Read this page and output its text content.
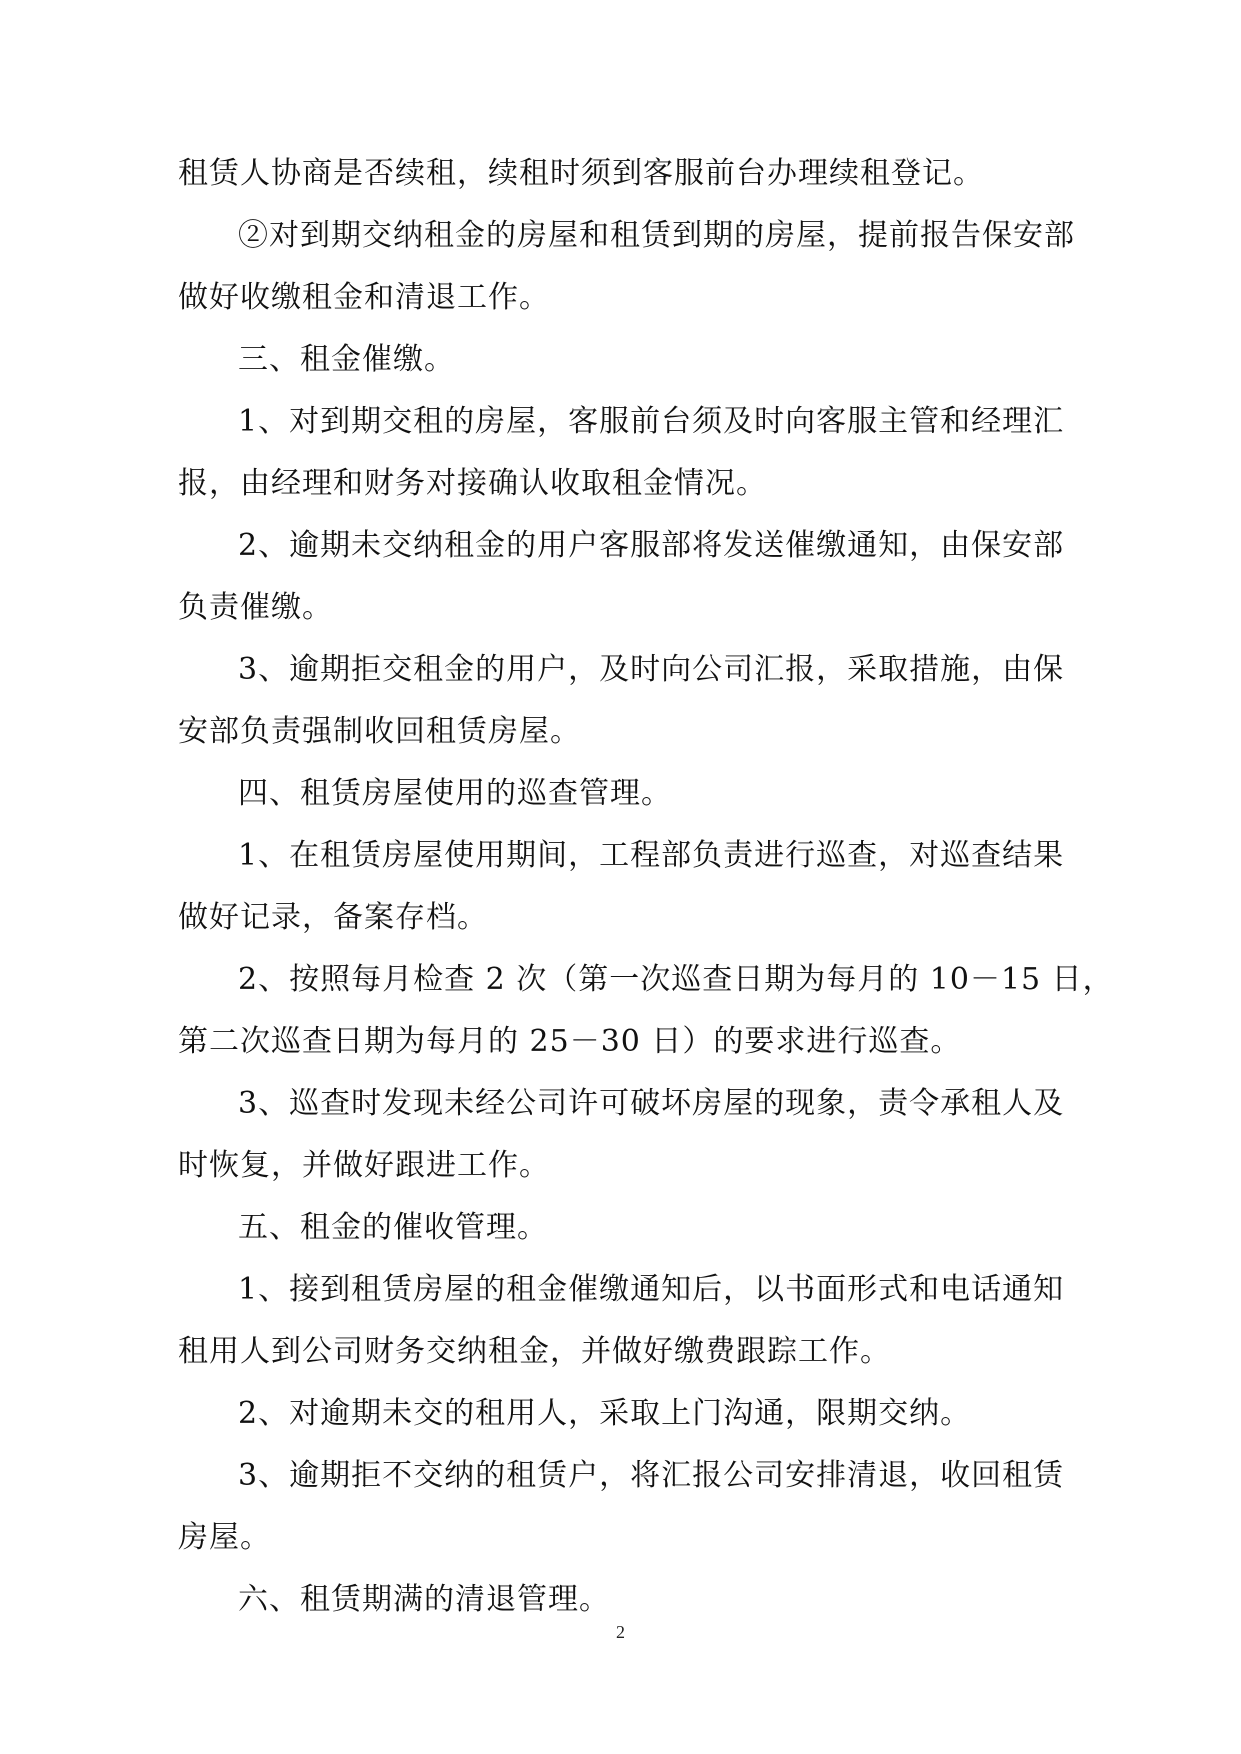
租赁人协商是否续租，续租时须到客服前台办理续租登记。
②对到期交纳租金的房屋和租赁到期的房屋，提前报告保安部
做好收缴租金和清退工作。
三、租金催缴。
1、对到期交租的房屋，客服前台须及时向客服主管和经理汇
报，由经理和财务对接确认收取租金情况。
2、逾期未交纳租金的用户客服部将发送催缴通知，由保安部
负责催缴。
3、逾期拒交租金的用户，及时向公司汇报，采取措施，由保
安部负责强制收回租赁房屋。
四、租赁房屋使用的巡查管理。
1、在租赁房屋使用期间，工程部负责进行巡查，对巡查结果
做好记录，备案存档。
2、按照每月检查 2 次（第一次巡查日期为每月的 10－15 日，
第二次巡查日期为每月的 25－30 日）的要求进行巡查。
3、巡查时发现未经公司许可破坏房屋的现象，责令承租人及
时恢复，并做好跟进工作。
五、租金的催收管理。
1、接到租赁房屋的租金催缴通知后，以书面形式和电话通知
租用人到公司财务交纳租金，并做好缴费跟踪工作。
2、对逾期未交的租用人，采取上门沟通，限期交纳。
3、逾期拒不交纳的租赁户，将汇报公司安排清退，收回租赁
房屋。
六、租赁期满的清退管理。
2
